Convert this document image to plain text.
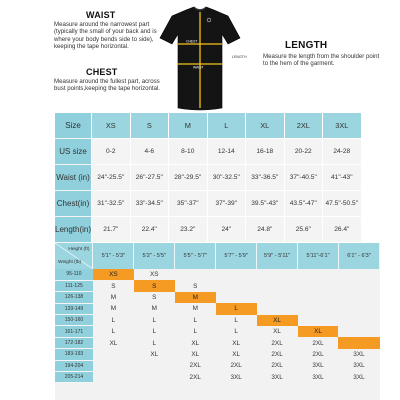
WAIST
Measure around the narrowest part (typically the small of your back and is where your body bends side to side), keeping the tape horizontal.
CHEST
Measure around the fullest part, across bust points,keeping the tape horizontal.
CHEST
WAIST
LENGTH
LENGTH
Measure the length from the shoulder point to the hem of the garment.
Size	XS	S	M	L	XL	2XL	3XL
US size	0-2	4-6	8-10	12-14	16-18	20-22	24-28
Waist (in)	24"-25.5"	26"-27.5"	28"-29.5"	30"-32.5"	33"-36.5"	37"-40.5"	41"-43"
Chest(in)	31"-32.5"	33"-34.5"	35"-37"	37"-39"	39.5"-43"	43.5"-47"	47.5"-50.5"
Length(in)	21.7"	22.4"	23.2"	24"	24.8"	25.6"	26.4"
Height (ft)
Weight (lb)	5'1" - 5'3"	5'2" - 5'5"	5'5" - 5'7"	5'7" - 5'9"	5'9" - 5'11"	5'11"-6'1"	6'1" - 6'3"
95-110	XS	XS					
111-125	S	S	S				
126-138	M	S	M				
139-149	M	M	M	L			
150-160	L	L	L	L	XL		
161-171	L	L	L	L	XL	XL	
172-182	XL	L	XL	XL	2XL	2XL	
183-193		XL	XL	XL	2XL	2XL	3XL
194-204			2XL	2XL	2XL	3XL	3XL
205-214			2XL	3XL	3XL	3XL	3XL
